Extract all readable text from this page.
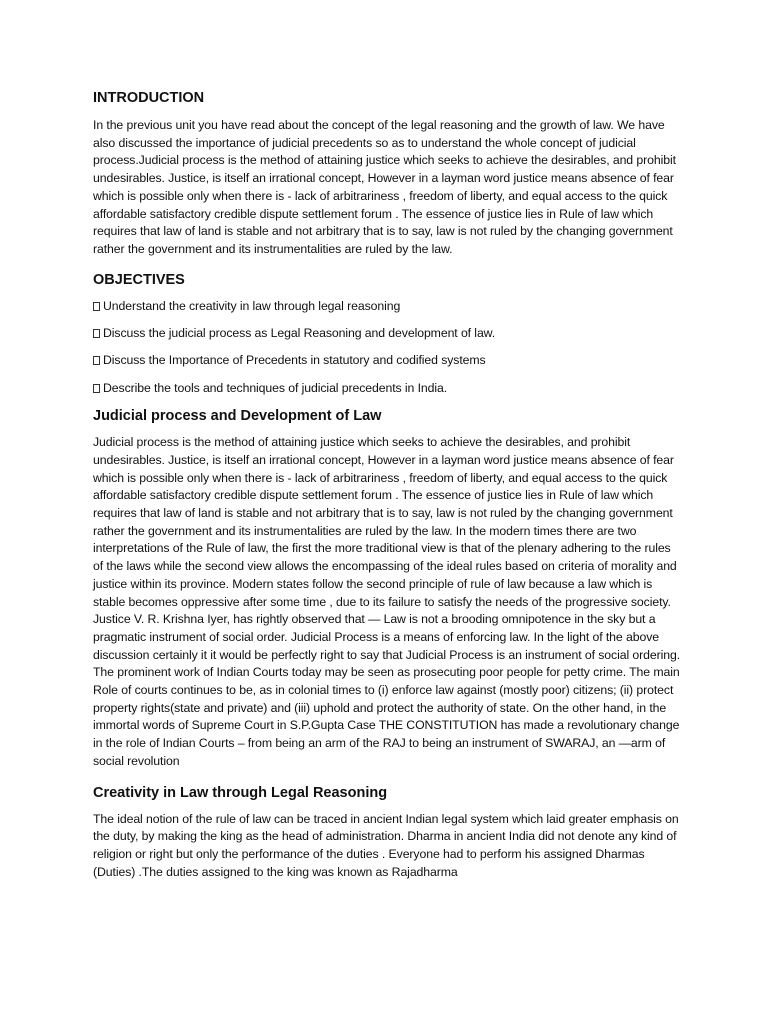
INTRODUCTION

In the previous unit you have read about the concept of the legal reasoning and the growth of law. We have also discussed the importance of judicial precedents so as to understand the whole concept of judicial process.Judicial process is the method of attaining justice which seeks to achieve the desirables, and prohibit undesirables. Justice, is itself an irrational concept, However in a layman word justice means absence of fear which is possible only when there is - lack of arbitrariness , freedom of liberty, and equal access to the quick affordable satisfactory credible dispute settlement forum . The essence of justice lies in Rule of law which requires that law of land is stable and not arbitrary that is to say, law is not ruled by the changing government rather the government and its instrumentalities are ruled by the law.

OBJECTIVES
Understand the creativity in law through legal reasoning
Discuss the judicial process as Legal Reasoning and development of law.
Discuss the Importance of Precedents in statutory and codified systems
Describe the tools and techniques of judicial precedents in India.
Judicial process and Development of Law

Judicial process is the method of attaining justice which seeks to achieve the desirables, and prohibit undesirables. Justice, is itself an irrational concept, However in a layman word justice means absence of fear which is possible only when there is - lack of arbitrariness , freedom of liberty, and equal access to the quick affordable satisfactory credible dispute settlement forum . The essence of justice lies in Rule of law which requires that law of land is stable and not arbitrary that is to say, law is not ruled by the changing government rather the government and its instrumentalities are ruled by the law. In the modern times there are two interpretations of the Rule of law, the first the more traditional view is that of the plenary adhering to the rules of the laws while the second view allows the encompassing of the ideal rules based on criteria of morality and justice within its province. Modern states follow the second principle of rule of law because a law which is stable becomes oppressive after some time , due to its failure to satisfy the needs of the progressive society. Justice V. R. Krishna Iyer, has rightly observed that — Law is not a brooding omnipotence in the sky but a pragmatic instrument of social order. Judicial Process is a means of enforcing law. In the light of the above discussion certainly it it would be perfectly right to say that Judicial Process is an instrument of social ordering. The prominent work of Indian Courts today may be seen as prosecuting poor people for petty crime. The main Role of courts continues to be, as in colonial times to (i) enforce law against (mostly poor) citizens; (ii) protect property rights(state and private) and (iii) uphold and protect the authority of state. On the other hand, in the immortal words of Supreme Court in S.P.Gupta Case THE CONSTITUTION has made a revolutionary change in the role of Indian Courts – from being an arm of the RAJ to being an instrument of SWARAJ, an —arm of social revolution

Creativity in Law through Legal Reasoning

The ideal notion of the rule of law can be traced in ancient Indian legal system which laid greater emphasis on the duty, by making the king as the head of administration. Dharma in ancient India did not denote any kind of religion or right but only the performance of the duties . Everyone had to perform his assigned Dharmas (Duties) .The duties assigned to the king was known as Rajadharma
